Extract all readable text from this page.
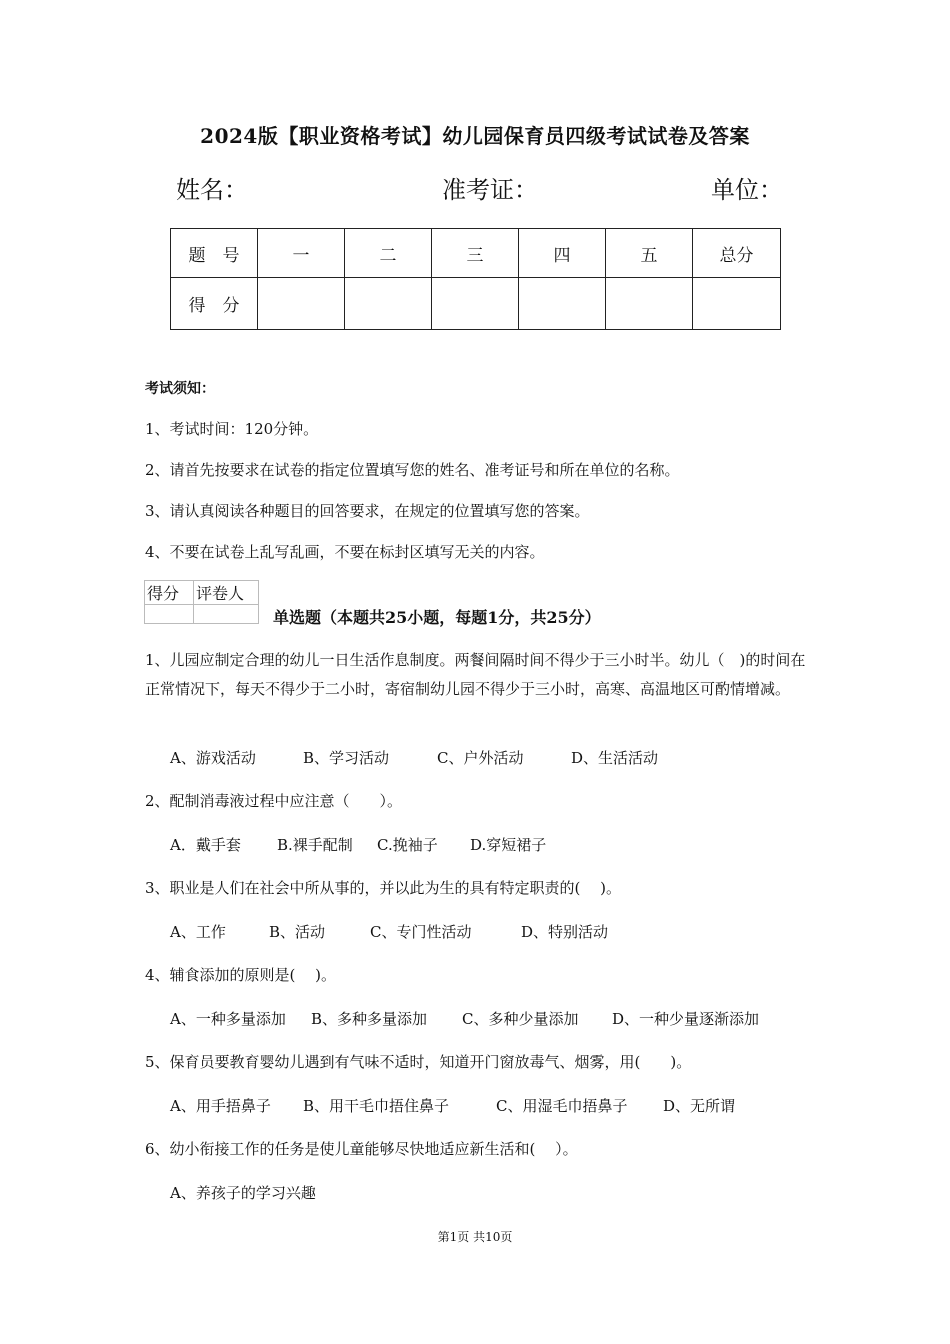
2024版【职业资格考试】幼儿园保育员四级考试试卷及答案
姓名：	准考证：	单位：
题　号	一	二	三	四	五	总分
得　分						
考试须知：
1、考试时间：120分钟。
2、请首先按要求在试卷的指定位置填写您的姓名、准考证号和所在单位的名称。
3、请认真阅读各种题目的回答要求，在规定的位置填写您的答案。
4、不要在试卷上乱写乱画，不要在标封区填写无关的内容。
得分	评卷人

单选题（本题共25小题，每题1分，共25分）
1、儿园应制定合理的幼儿一日生活作息制度。两餐间隔时间不得少于三小时半。幼儿（　)的时间在正常情况下，每天不得少于二小时，寄宿制幼儿园不得少于三小时，高寒、高温地区可酌情增减。
A、游戏活动	B、学习活动	C、户外活动	D、生活活动
2、配制消毒液过程中应注意（　　）。
A．戴手套 B.裸手配制 C.挽袖子 D.穿短裙子
3、职业是人们在社会中所从事的，并以此为生的具有特定职责的(　 )。
A、工作	B、活动	C、专门性活动	D、特别活动
4、辅食添加的原则是(　 )。
A、一种多量添加 B、多种多量添加 C、多种少量添加 D、一种少量逐渐添加
5、保育员要教育婴幼儿遇到有气味不适时，知道开门窗放毒气、烟雾，用(　　)。
A、用手捂鼻子 B、用干毛巾捂住鼻子	C、用湿毛巾捂鼻子 D、无所谓
6、幼小衔接工作的任务是使儿童能够尽快地适应新生活和(　 ）。
A、养孩子的学习兴趣
第1页 共10页
